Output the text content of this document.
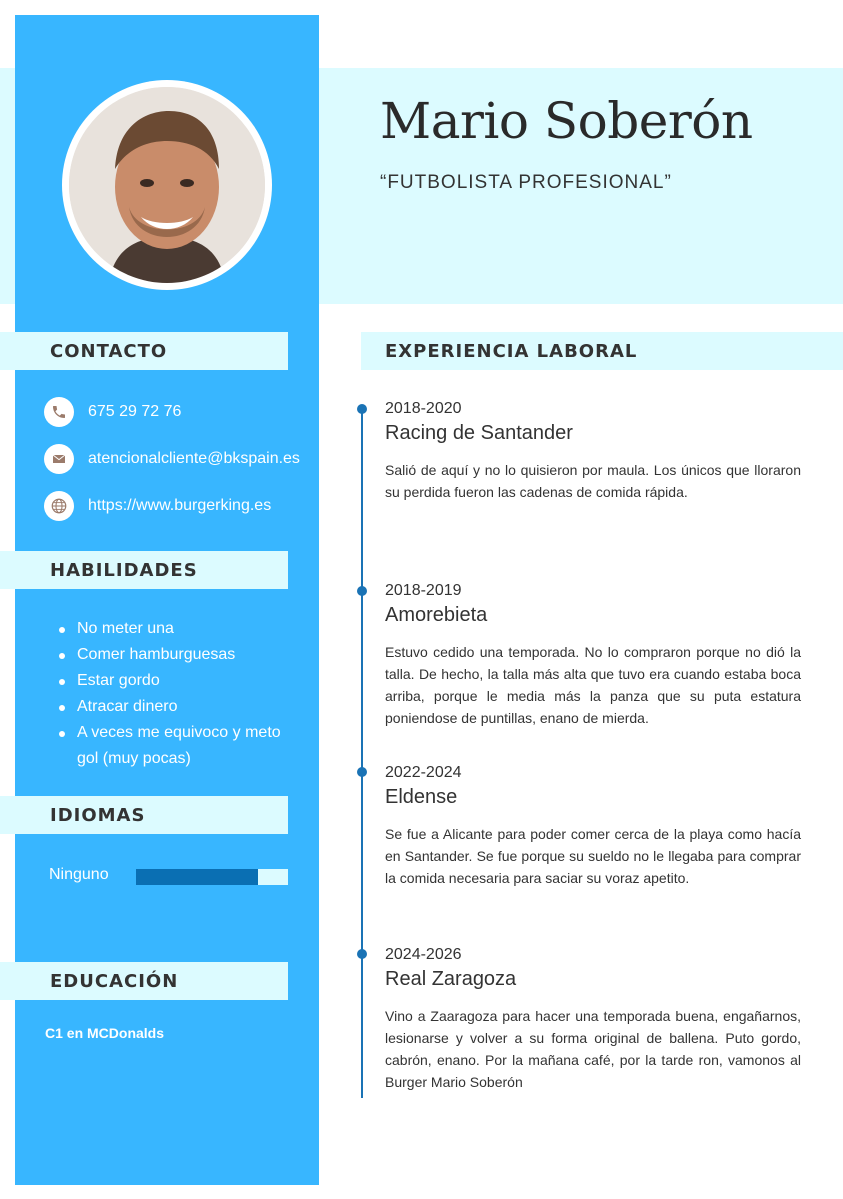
Mario Soberón
“FUTBOLISTA PROFESIONAL”
CONTACTO
675 29 72 76
atencionalcliente@bkspain.es
https://www.burgerking.es
HABILIDADES
No meter una
Comer hamburguesas
Estar gordo
Atracar dinero
A veces me equivoco y meto gol (muy pocas)
IDIOMAS
Ninguno
EDUCACIÓN
C1 en MCDonalds
EXPERIENCIA LABORAL
2018-2020
Racing de Santander
Salió de aquí y no lo quisieron por maula. Los únicos que lloraron su perdida fueron las cadenas de comida rápida.
2018-2019
Amorebieta
Estuvo cedido una temporada. No lo compraron porque no dió la talla. De hecho, la talla más alta que tuvo era cuando estaba boca arriba, porque le media más la panza que su puta estatura poniendose de puntillas, enano de mierda.
2022-2024
Eldense
Se fue a Alicante para poder comer cerca de la playa como hacía en Santander. Se fue porque su sueldo no le llegaba para comprar la comida necesaria para saciar su voraz apetito.
2024-2026
Real Zaragoza
Vino a Zaaragoza para hacer una temporada buena, engañarnos, lesionarse y volver a su forma original de ballena. Puto gordo, cabrón, enano. Por la mañana café, por la tarde ron, vamonos al Burger Mario Soberón
